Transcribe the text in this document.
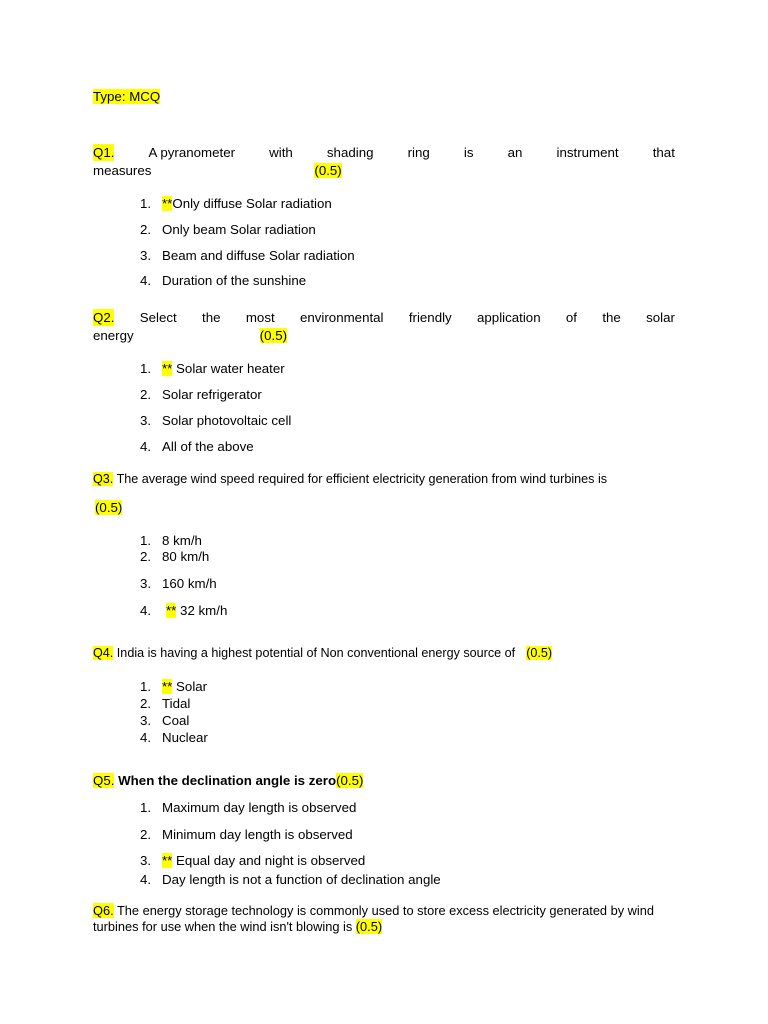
Type: MCQ
Q1.	A pyranometer	with	shading	ring	is	an	instrument	that
measures	(0.5)
1. **Only diffuse Solar radiation
2. Only beam Solar radiation
3. Beam and diffuse Solar radiation
4. Duration of the sunshine
Q2. Select the most environmental friendly application of the solar
energy	(0.5)
1. ** Solar water heater
2. Solar refrigerator
3. Solar photovoltaic cell
4. All of the above
Q3. The average wind speed required for efficient electricity generation from wind turbines is
(0.5)
1. 8 km/h
2. 80 km/h
3. 160 km/h
4. ** 32 km/h
Q4. India is having a highest potential of Non conventional energy source of (0.5)
1. ** Solar
2. Tidal
3. Coal
4. Nuclear
Q5. When the declination angle is zero(0.5)
1. Maximum day length is observed
2. Minimum day length is observed
3. ** Equal day and night is observed
4. Day length is not a function of declination angle
Q6. The energy storage technology is commonly used to store excess electricity generated by wind turbines for use when the wind isn't blowing is (0.5)
